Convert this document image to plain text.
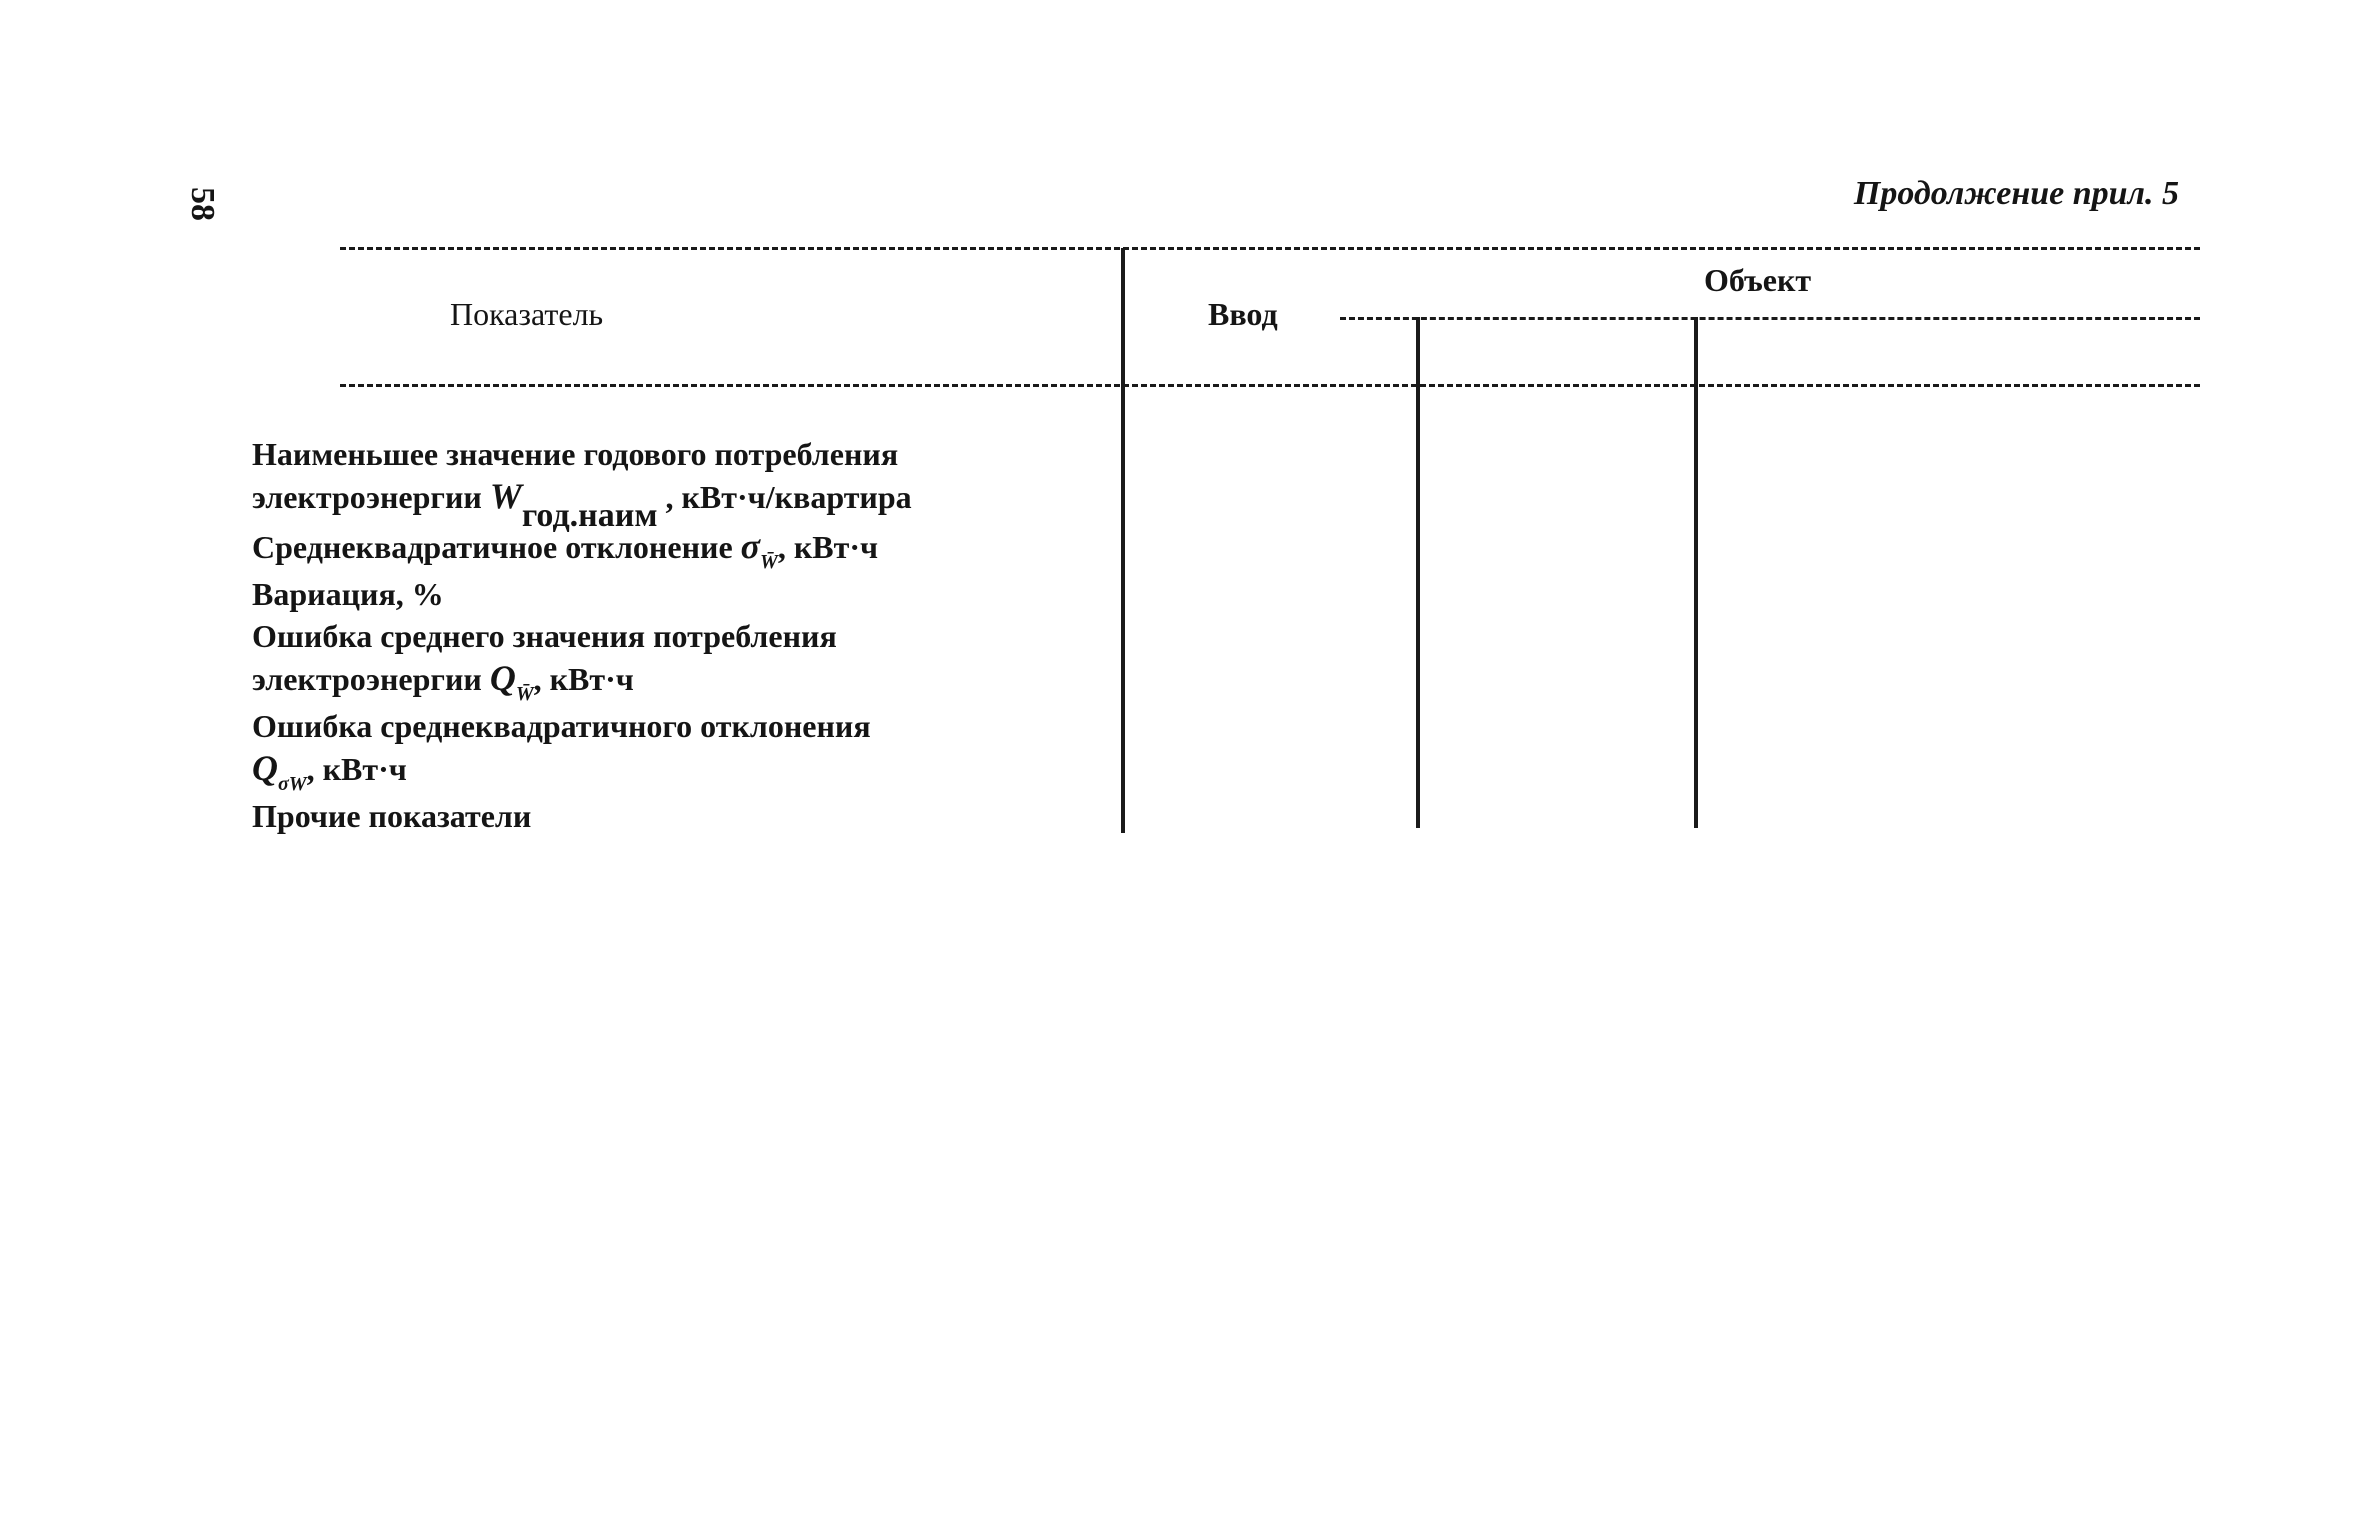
58	Продолжение прил. 5
Показатель	Ввод
Объект
Наименьшее значение годового потребления
электроэнергии Wгод.наим , кВт·ч/квартира
Среднеквадратичное отклонение $\sigma_{W̄}$, кВт·ч
Вариация, %
Ошибка среднего значения потребления
электроэнергии $Q_{W̄}$, кВт·ч
Ошибка среднеквадратичного отклонения
$Q_{\sigma W}$, кВт·ч
Прочие показатели
